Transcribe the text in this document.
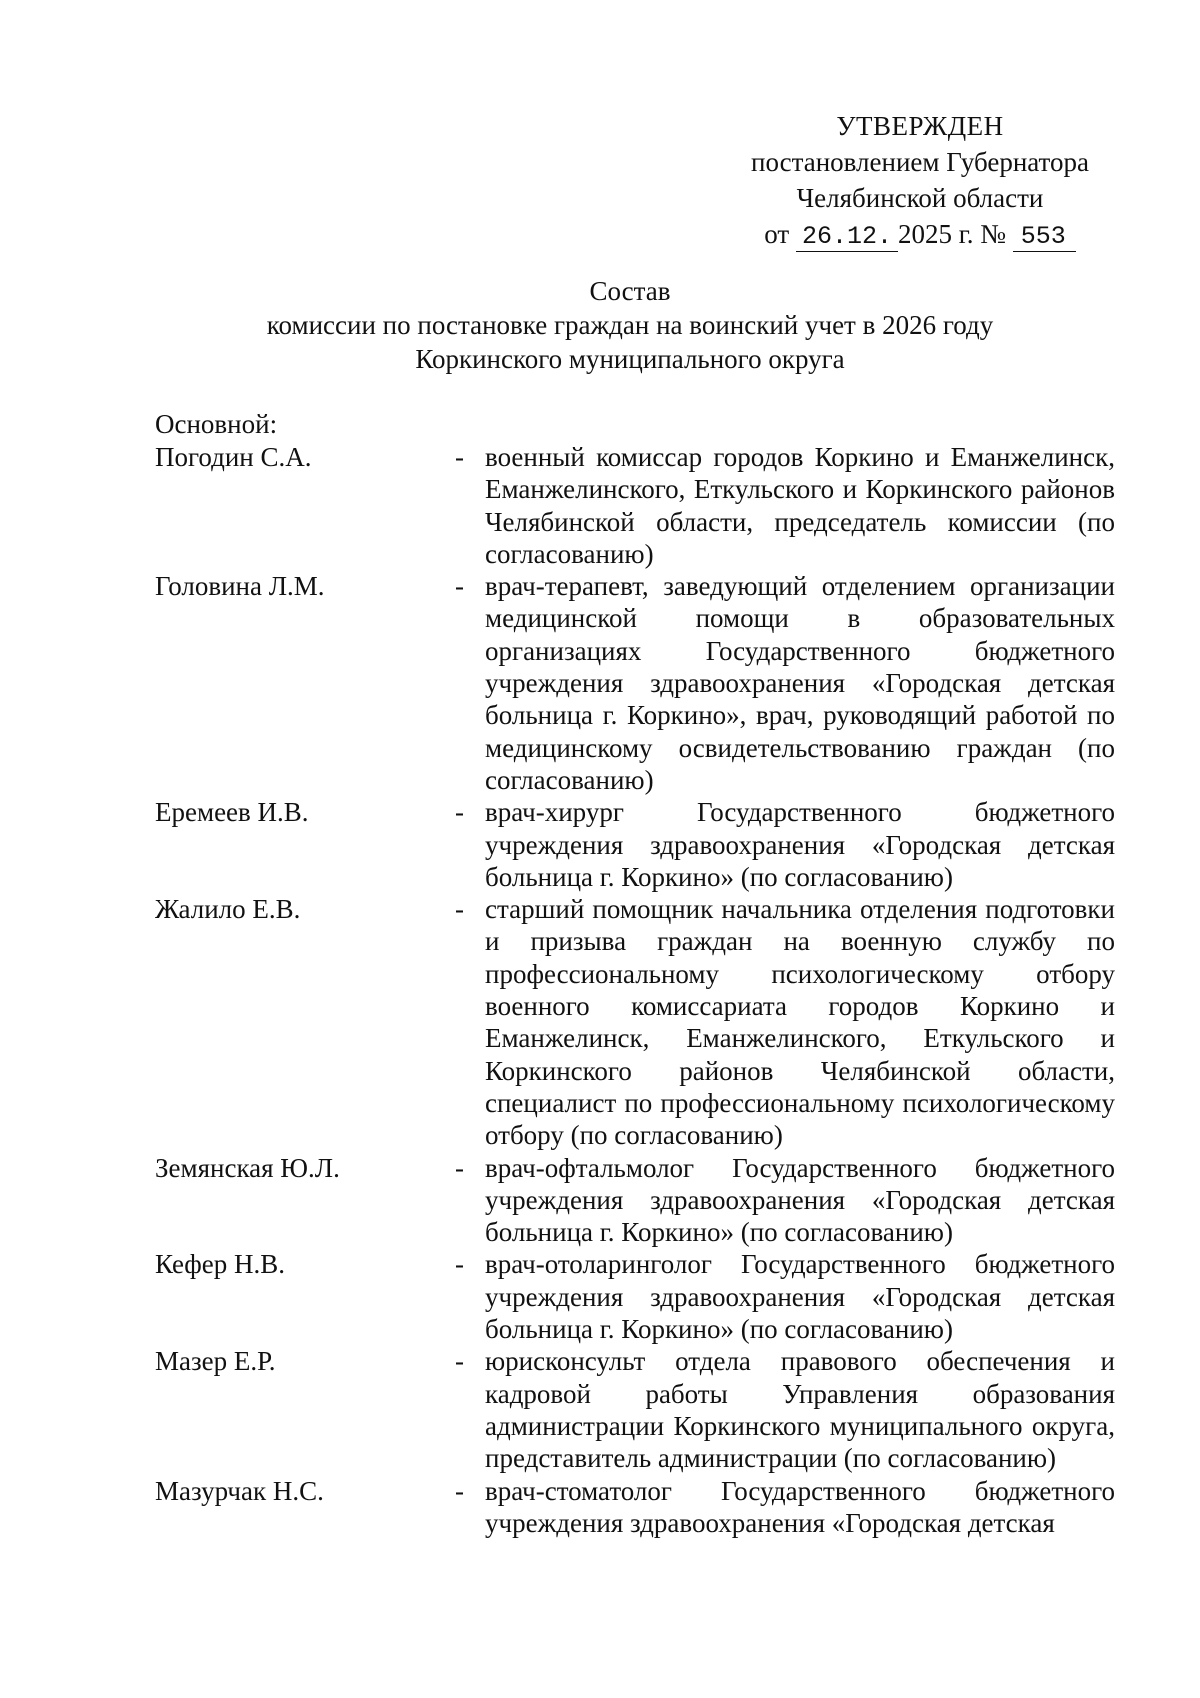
УТВЕРЖДЕН
постановлением Губернатора
Челябинской области
от 26.12. 2025 г. № 553
Состав
комиссии по постановке граждан на воинский учет в 2026 году
Коркинского муниципального округа
Основной:
Погодин С.А.	- военный комиссар городов Коркино и Еманжелинск, Еманжелинского, Еткульского и Коркинского районов Челябинской области, председатель комиссии (по согласованию)
Головина Л.М.	- врач-терапевт, заведующий отделением организации медицинской помощи в образовательных организациях Государственного бюджетного учреждения здравоохранения «Городская детская больница г. Коркино», врач, руководящий работой по медицинскому освидетельствованию граждан (по согласованию)
Еремеев И.В.	- врач-хирург Государственного бюджетного учреждения здравоохранения «Городская детская больница г. Коркино» (по согласованию)
Жалило Е.В.	- старший помощник начальника отделения подготовки и призыва граждан на военную службу по профессиональному психологическому отбору военного комиссариата городов Коркино и Еманжелинск, Еманжелинского, Еткульского и Коркинского районов Челябинской области, специалист по профессиональному психологическому отбору (по согласованию)
Земянская Ю.Л.	- врач-офтальмолог Государственного бюджетного учреждения здравоохранения «Городская детская больница г. Коркино» (по согласованию)
Кефер Н.В.	- врач-отоларинголог Государственного бюджетного учреждения здравоохранения «Городская детская больница г. Коркино» (по согласованию)
Мазер Е.Р.	- юрисконсульт отдела правового обеспечения и кадровой работы Управления образования администрации Коркинского муниципального округа, представитель администрации (по согласованию)
Мазурчак Н.С.	- врач-стоматолог Государственного бюджетного учреждения здравоохранения «Городская детская
